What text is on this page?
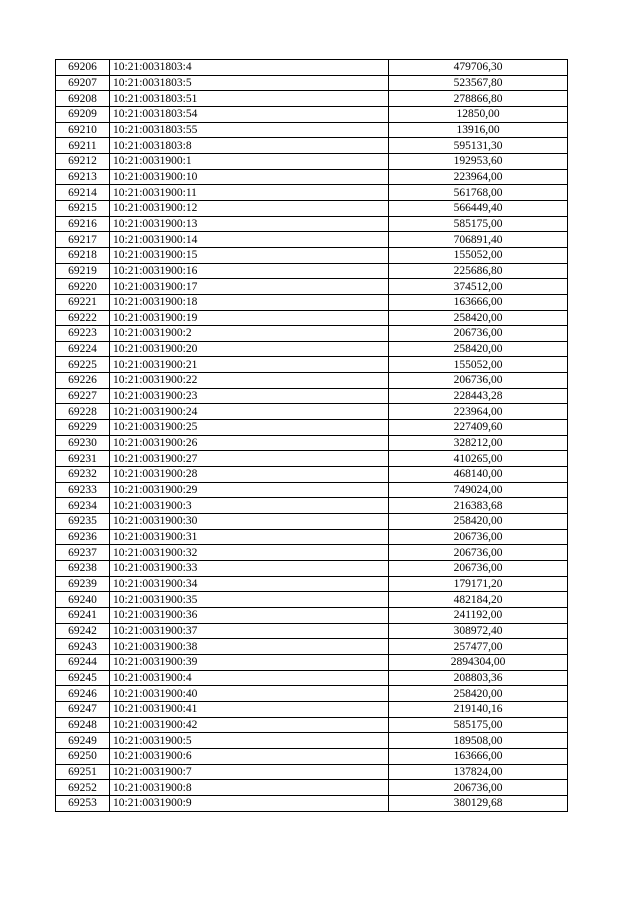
69206	10:21:0031803:4	479706,30
69207	10:21:0031803:5	523567,80
69208	10:21:0031803:51	278866,80
69209	10:21:0031803:54	12850,00
69210	10:21:0031803:55	13916,00
69211	10:21:0031803:8	595131,30
69212	10:21:0031900:1	192953,60
69213	10:21:0031900:10	223964,00
69214	10:21:0031900:11	561768,00
69215	10:21:0031900:12	566449,40
69216	10:21:0031900:13	585175,00
69217	10:21:0031900:14	706891,40
69218	10:21:0031900:15	155052,00
69219	10:21:0031900:16	225686,80
69220	10:21:0031900:17	374512,00
69221	10:21:0031900:18	163666,00
69222	10:21:0031900:19	258420,00
69223	10:21:0031900:2	206736,00
69224	10:21:0031900:20	258420,00
69225	10:21:0031900:21	155052,00
69226	10:21:0031900:22	206736,00
69227	10:21:0031900:23	228443,28
69228	10:21:0031900:24	223964,00
69229	10:21:0031900:25	227409,60
69230	10:21:0031900:26	328212,00
69231	10:21:0031900:27	410265,00
69232	10:21:0031900:28	468140,00
69233	10:21:0031900:29	749024,00
69234	10:21:0031900:3	216383,68
69235	10:21:0031900:30	258420,00
69236	10:21:0031900:31	206736,00
69237	10:21:0031900:32	206736,00
69238	10:21:0031900:33	206736,00
69239	10:21:0031900:34	179171,20
69240	10:21:0031900:35	482184,20
69241	10:21:0031900:36	241192,00
69242	10:21:0031900:37	308972,40
69243	10:21:0031900:38	257477,00
69244	10:21:0031900:39	2894304,00
69245	10:21:0031900:4	208803,36
69246	10:21:0031900:40	258420,00
69247	10:21:0031900:41	219140,16
69248	10:21:0031900:42	585175,00
69249	10:21:0031900:5	189508,00
69250	10:21:0031900:6	163666,00
69251	10:21:0031900:7	137824,00
69252	10:21:0031900:8	206736,00
69253	10:21:0031900:9	380129,68
